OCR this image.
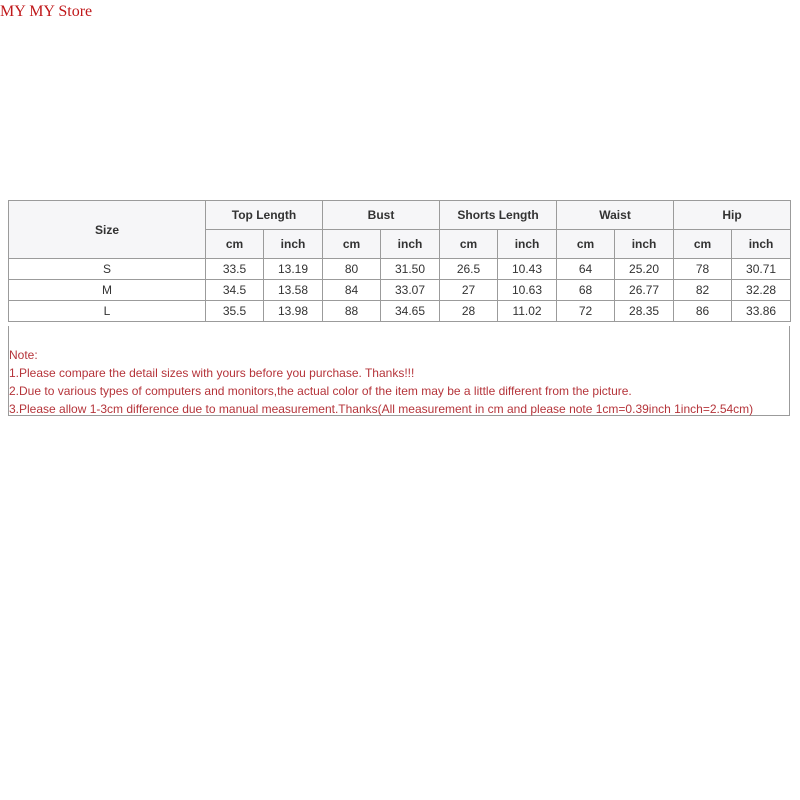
MY MY Store
Size	Top Length		Bust		Shorts Length		Waist		Hip	
	cm	inch	cm	inch	cm	inch	cm	inch	cm	inch
S	33.5	13.19	80	31.50	26.5	10.43	64	25.20	78	30.71
M	34.5	13.58	84	33.07	27	10.63	68	26.77	82	32.28
L	35.5	13.98	88	34.65	28	11.02	72	28.35	86	33.86
Note:
1.Please compare the detail sizes with yours before you purchase. Thanks!!!
2.Due to various types of computers and monitors,the actual color of the item may be a little different from the picture.
3.Please allow 1-3cm difference due to manual measurement.Thanks(All measurement in cm and please note 1cm=0.39inch 1inch=2.54cm)
